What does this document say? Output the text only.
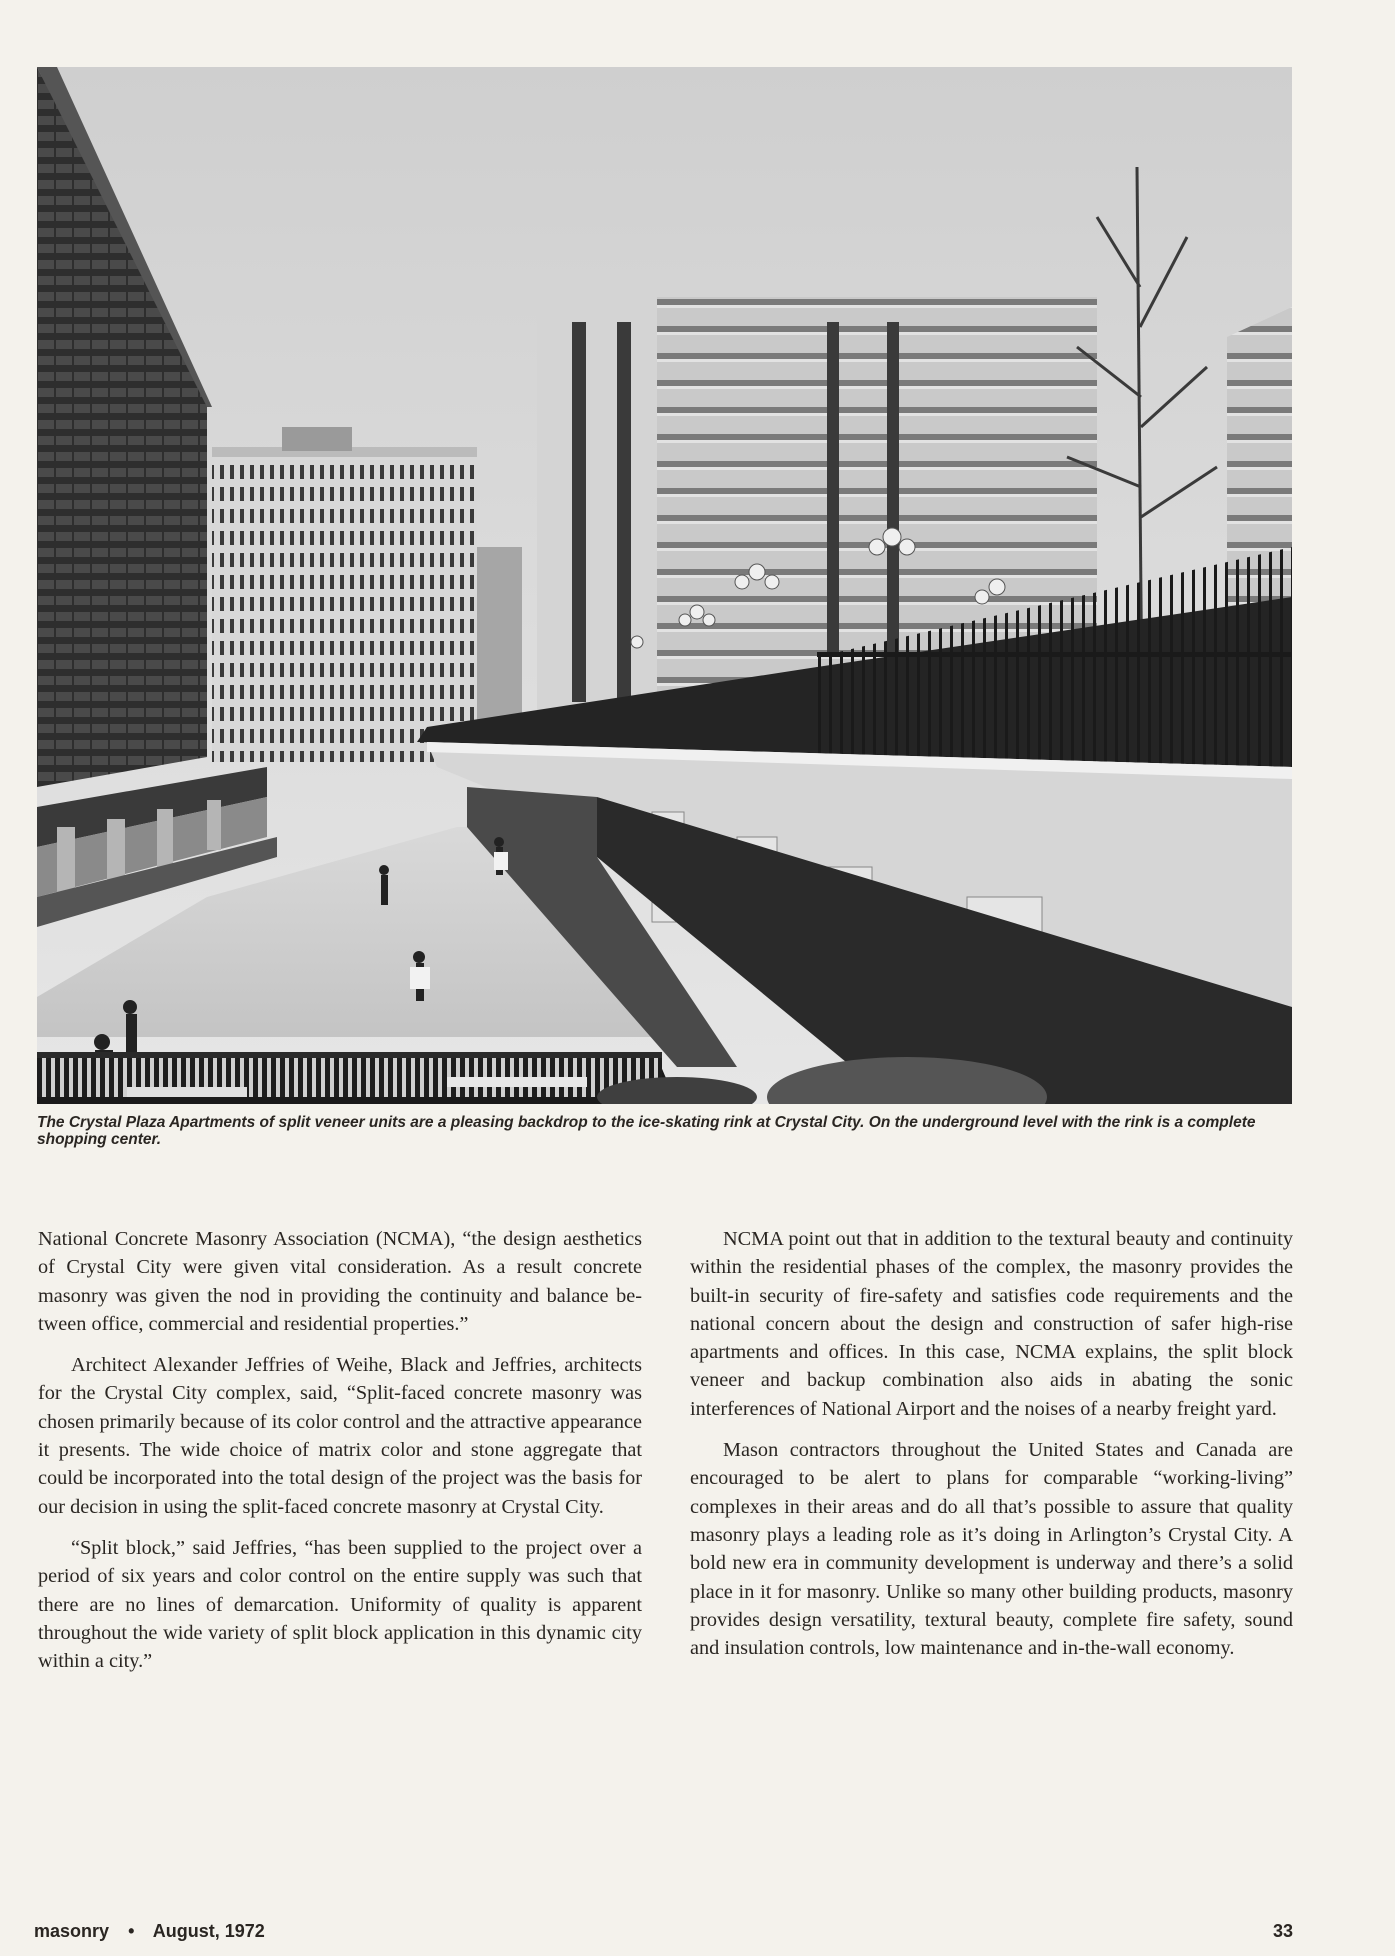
The Crystal Plaza Apartments of split veneer units are a pleasing backdrop to the ice-skating rink at Crystal City. On the underground level with the rink is a complete shopping center.

National Concrete Masonry Association (NCMA), “the design aesthetics of Crystal City were given vital consideration. As a result concrete masonry was given the nod in providing the continuity and balance between office, commercial and residential properties.”

Architect Alexander Jeffries of Weihe, Black and Jeffries, architects for the Crystal City complex, said, “Split-faced concrete masonry was chosen primarily because of its color control and the attractive appearance it presents. The wide choice of matrix color and stone aggregate that could be incorporated into the total design of the project was the basis for our decision in using the split-faced concrete masonry at Crystal City.

“Split block,” said Jeffries, “has been supplied to the project over a period of six years and color control on the entire supply was such that there are no lines of demarcation. Uniformity of quality is apparent throughout the wide variety of split block application in this dynamic city within a city.”

NCMA point out that in addition to the textural beauty and continuity within the residential phases of the complex, the masonry provides the built-in security of fire-safety and satisfies code requirements and the national concern about the design and construction of safer high-rise apartments and offices. In this case, NCMA explains, the split block veneer and backup combination also aids in abating the sonic interferences of National Airport and the noises of a nearby freight yard.

Mason contractors throughout the United States and Canada are encouraged to be alert to plans for comparable “working-living” complexes in their areas and do all that’s possible to assure that quality masonry plays a leading role as it’s doing in Arlington’s Crystal City. A bold new era in community development is underway and there’s a solid place in it for masonry. Unlike so many other building products, masonry provides design versatility, textural beauty, complete fire safety, sound and insulation controls, low maintenance and in-the-wall economy.

masonry • August, 1972	33
